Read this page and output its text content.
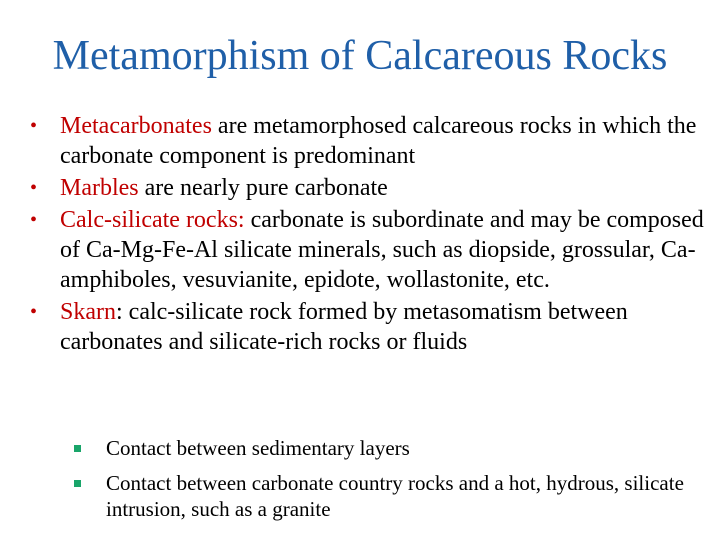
Metamorphism of Calcareous Rocks
• Metacarbonates are metamorphosed calcareous rocks in which the carbonate component is predominant
• Marbles are nearly pure carbonate
• Calc-silicate rocks: carbonate is subordinate and may be composed of Ca-Mg-Fe-Al silicate minerals, such as diopside, grossular, Ca-amphiboles, vesuvianite, epidote, wollastonite, etc.
• Skarn: calc-silicate rock formed by metasomatism between carbonates and silicate-rich rocks or fluids
Contact between sedimentary layers
Contact between carbonate country rocks and a hot, hydrous, silicate intrusion, such as a granite
